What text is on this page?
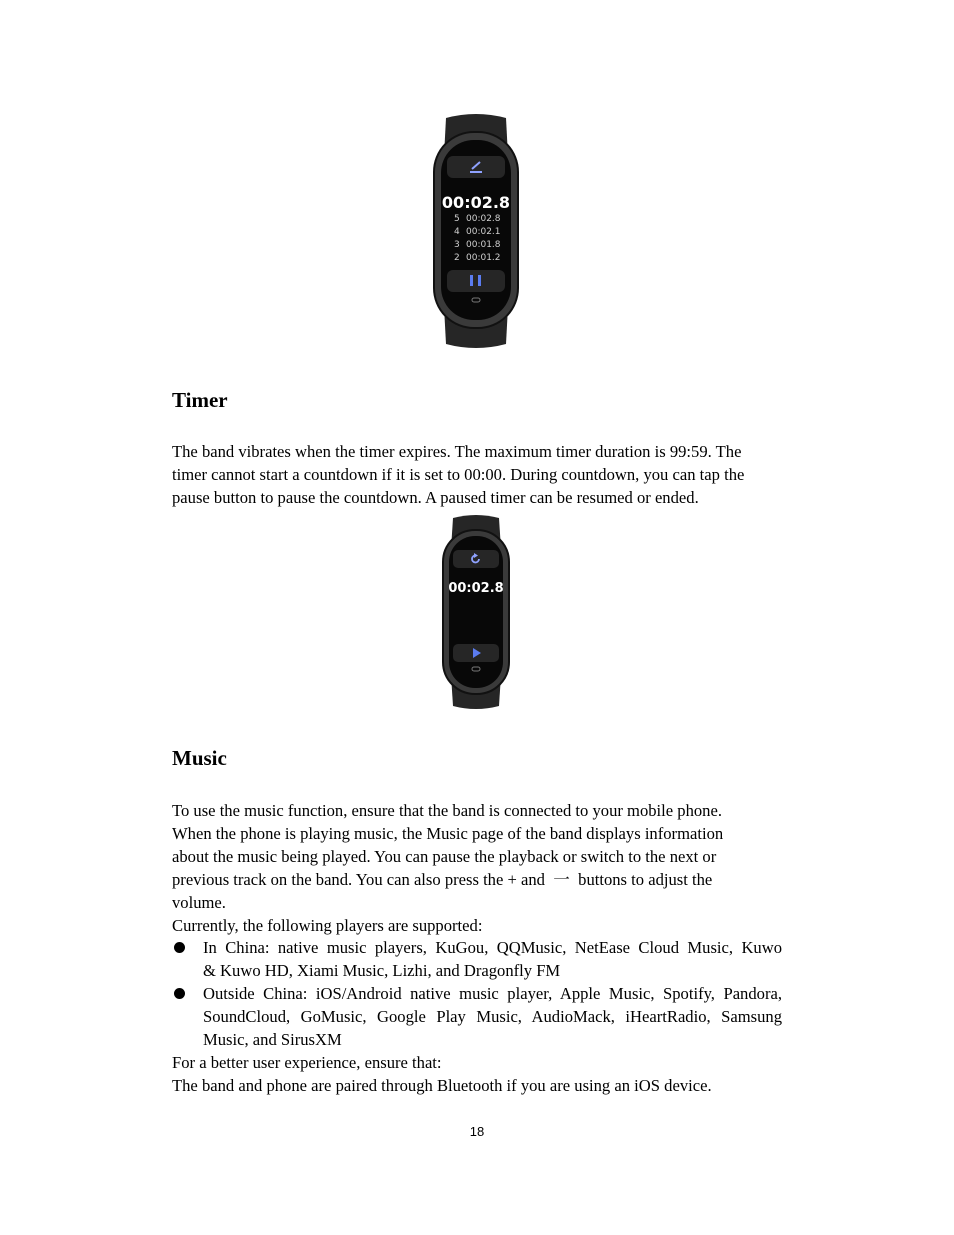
00:02.8
5 00:02.8
4 00:02.1
3 00:01.8
2 00:01.2
Timer
The band vibrates when the timer expires. The maximum timer duration is 99:59. The
timer cannot start a countdown if it is set to 00:00. During countdown, you can tap the
pause button to pause the countdown. A paused timer can be resumed or ended.
00:02.8
Music
To use the music function, ensure that the band is connected to your mobile phone.
When the phone is playing music, the Music page of the band displays information
about the music being played. You can pause the playback or switch to the next or
previous track on the band. You can also press the + and  一  buttons to adjust the
volume.
Currently, the following players are supported:
In China: native music players, KuGou, QQMusic, NetEase Cloud Music, Kuwo
& Kuwo HD, Xiami Music, Lizhi, and Dragonfly FM
Outside China: iOS/Android native music player, Apple Music, Spotify, Pandora,
SoundCloud, GoMusic, Google Play Music, AudioMack, iHeartRadio, Samsung
Music, and SirusXM
For a better user experience, ensure that:
The band and phone are paired through Bluetooth if you are using an iOS device.
18
